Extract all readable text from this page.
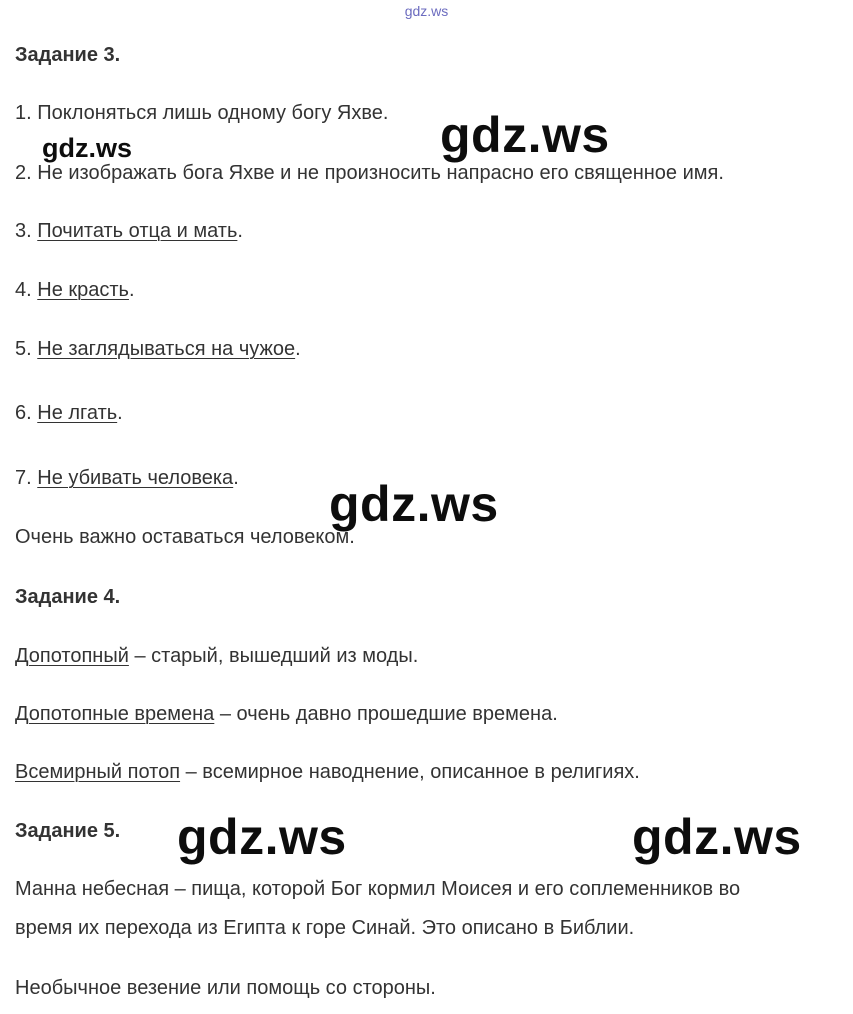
gdz.ws
Задание 3.
1. Поклоняться лишь одному богу Яхве.
2. Не изображать бога Яхве и не произносить напрасно его священное имя.
3. Почитать отца и мать.
4. Не красть.
5. Не заглядываться на чужое.
6. Не лгать.
7. Не убивать человека.
Очень важно оставаться человеком.
Задание 4.
Допотопный – старый, вышедший из моды.
Допотопные времена – очень давно прошедшие времена.
Всемирный потоп – всемирное наводнение, описанное в религиях.
Задание 5.
Манна небесная – пища, которой Бог кормил Моисея и его соплеменников во
время их перехода из Египта к горе Синай. Это описано в Библии.
Необычное везение или помощь со стороны.
gdz.ws	gdz.ws
gdz.ws
gdz.ws	gdz.ws
